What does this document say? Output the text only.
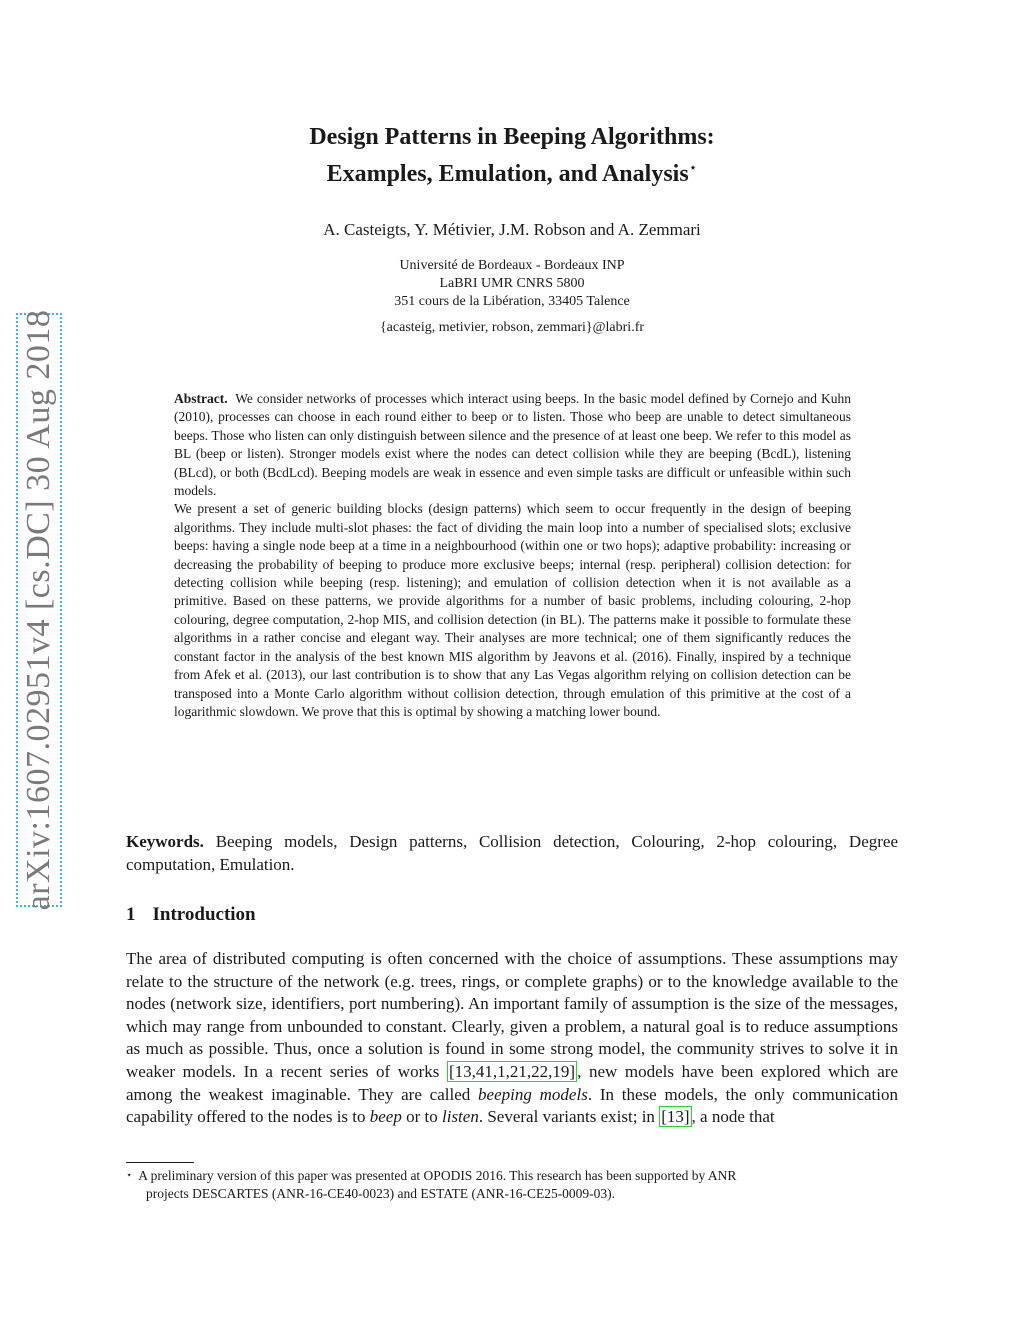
arXiv:1607.02951v4 [cs.DC] 30 Aug 2018
Design Patterns in Beeping Algorithms:
Examples, Emulation, and Analysis⋆
A. Casteigts, Y. Métivier, J.M. Robson and A. Zemmari
Université de Bordeaux - Bordeaux INP
LaBRI UMR CNRS 5800
351 cours de la Libération, 33405 Talence
{acasteig, metivier, robson, zemmari}@labri.fr

Abstract. We consider networks of processes which interact using beeps. In the basic model defined by Cornejo and Kuhn (2010), processes can choose in each round either to beep or to listen. Those who beep are unable to detect simultaneous beeps. Those who listen can only distinguish between silence and the presence of at least one beep. We refer to this model as BL (beep or listen). Stronger models exist where the nodes can detect collision while they are beeping (BcdL), listening (BLcd), or both (BcdLcd). Beeping models are weak in essence and even simple tasks are difficult or unfeasible within such models.

We present a set of generic building blocks (design patterns) which seem to occur frequently in the design of beeping algorithms. They include multi-slot phases: the fact of dividing the main loop into a number of specialised slots; exclusive beeps: having a single node beep at a time in a neighbourhood (within one or two hops); adaptive probability: increasing or decreasing the probability of beeping to produce more exclusive beeps; internal (resp. peripheral) collision detection: for detecting collision while beeping (resp. listening); and emulation of collision detection when it is not available as a primitive. Based on these patterns, we provide algorithms for a number of basic problems, including colouring, 2-hop colouring, degree computation, 2-hop MIS, and collision detection (in BL). The patterns make it possible to formulate these algorithms in a rather concise and elegant way. Their analyses are more technical; one of them significantly reduces the constant factor in the analysis of the best known MIS algorithm by Jeavons et al. (2016). Finally, inspired by a technique from Afek et al. (2013), our last contribution is to show that any Las Vegas algorithm relying on collision detection can be transposed into a Monte Carlo algorithm without collision detection, through emulation of this primitive at the cost of a logarithmic slowdown. We prove that this is optimal by showing a matching lower bound.

Keywords. Beeping models, Design patterns, Collision detection, Colouring, 2-hop colouring, Degree computation, Emulation.
1 Introduction

The area of distributed computing is often concerned with the choice of assumptions. These assumptions may relate to the structure of the network (e.g. trees, rings, or complete graphs) or to the knowledge available to the nodes (network size, identifiers, port numbering). An important family of assumption is the size of the messages, which may range from unbounded to constant. Clearly, given a problem, a natural goal is to reduce assumptions as much as possible. Thus, once a solution is found in some strong model, the community strives to solve it in weaker models. In a recent series of works [13,41,1,21,22,19] , new models have been explored which are among the weakest imaginable. They are called beeping models. In these models, the only communication capability offered to the nodes is to beep or to listen. Several variants exist; in [13] , a node that

⋆ A preliminary version of this paper was presented at OPODIS 2016. This research has been supported by ANR
projects DESCARTES (ANR-16-CE40-0023) and ESTATE (ANR-16-CE25-0009-03).
